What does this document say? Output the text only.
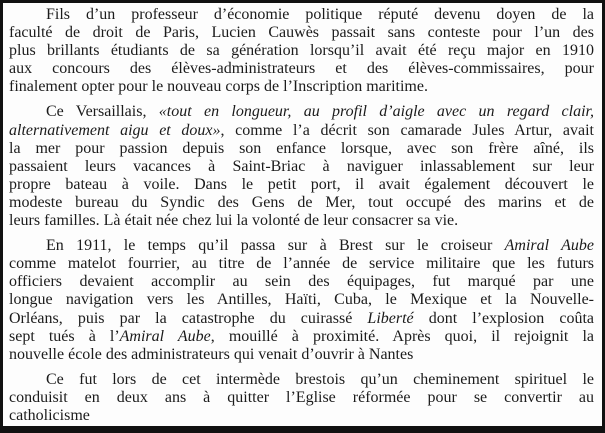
Fils d’un professeur d’économie politique réputé devenu doyen de la
faculté de droit de Paris, Lucien Cauwès passait sans conteste pour l’un des
plus brillants étudiants de sa génération lorsqu’il avait été reçu major en 1910
aux concours des élèves-administrateurs et des élèves-commissaires, pour
finalement opter pour le nouveau corps de l’Inscription maritime.
Ce Versaillais, «tout en longueur, au profil d’aigle avec un regard clair,
alternativement aigu et doux», comme l’a décrit son camarade Jules Artur, avait
la mer pour passion depuis son enfance lorsque, avec son frère aîné, ils
passaient leurs vacances à Saint-Briac à naviguer inlassablement sur leur
propre bateau à voile. Dans le petit port, il avait également découvert le
modeste bureau du Syndic des Gens de Mer, tout occupé des marins et de
leurs familles. Là était née chez lui la volonté de leur consacrer sa vie.
En 1911, le temps qu’il passa sur à Brest sur le croiseur Amiral Aube
comme matelot fourrier, au titre de l’année de service militaire que les futurs
officiers devaient accomplir au sein des équipages, fut marqué par une
longue navigation vers les Antilles, Haïti, Cuba, le Mexique et la Nouvelle-
Orléans, puis par la catastrophe du cuirassé Liberté dont l’explosion coûta
sept tués à l’Amiral Aube, mouillé à proximité. Après quoi, il rejoignit la
nouvelle école des administrateurs qui venait d’ouvrir à Nantes
Ce fut lors de cet intermède brestois qu’un cheminement spirituel le
conduisit en deux ans à quitter l’Eglise réformée pour se convertir au
catholicisme
